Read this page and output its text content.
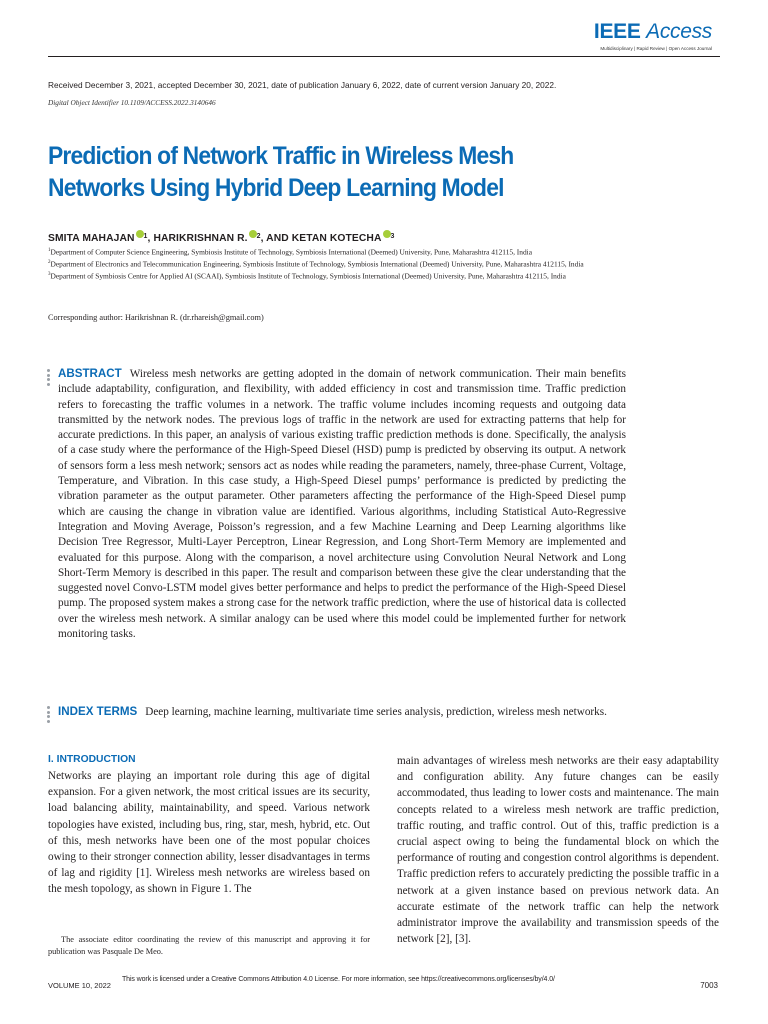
IEEE Access
Multidisciplinary | Rapid Review | Open Access Journal
Received December 3, 2021, accepted December 30, 2021, date of publication January 6, 2022, date of current version January 20, 2022.
Digital Object Identifier 10.1109/ACCESS.2022.3140646
Prediction of Network Traffic in Wireless Mesh
Networks Using Hybrid Deep Learning Model
SMITA MAHAJAN $^1$, HARIKRISHNAN R. $^2$, AND KETAN KOTECHA $^3$
$^1$Department of Computer Science Engineering, Symbiosis Institute of Technology, Symbiosis International (Deemed) University, Pune, Maharashtra 412115, India
$^2$Department of Electronics and Telecommunication Engineering, Symbiosis Institute of Technology, Symbiosis International (Deemed) University, Pune, Maharashtra 412115, India
$^3$Department of Symbiosis Centre for Applied AI (SCAAI), Symbiosis Institute of Technology, Symbiosis International (Deemed) University, Pune, Maharashtra 412115, India
Corresponding author: Harikrishnan R. (dr.rhareish@gmail.com)
ABSTRACT Wireless mesh networks are getting adopted in the domain of network communication. Their main benefits include adaptability, configuration, and flexibility, with added efficiency in cost and transmission time. Traffic prediction refers to forecasting the traffic volumes in a network. The traffic volume includes incoming requests and outgoing data transmitted by the network nodes. The previous logs of traffic in the network are used for extracting patterns that help for accurate predictions. In this paper, an analysis of various existing traffic prediction methods is done. Specifically, the analysis of a case study where the performance of the High-Speed Diesel (HSD) pump is predicted by observing its output. A network of sensors form a less mesh network; sensors act as nodes while reading the parameters, namely, three-phase Current, Voltage, Temperature, and Vibration. In this case study, a High-Speed Diesel pumps’ performance is predicted by predicting the vibration parameter as the output parameter. Other parameters affecting the performance of the High-Speed Diesel pump which are causing the change in vibration value are identified. Various algorithms, including Statistical Auto-Regressive Integration and Moving Average, Poisson’s regression, and a few Machine Learning and Deep Learning algorithms like Decision Tree Regressor, Multi-Layer Perceptron, Linear Regression, and Long Short-Term Memory are implemented and evaluated for this purpose. Along with the comparison, a novel architecture using Convolution Neural Network and Long Short-Term Memory is described in this paper. The result and comparison between these give the clear understanding that the suggested novel Convo-LSTM model gives better performance and helps to predict the performance of the High-Speed Diesel pump. The proposed system makes a strong case for the network traffic prediction, where the use of historical data is collected over the wireless mesh network. A similar analogy can be used where this model could be implemented further for network monitoring tasks.
INDEX TERMS Deep learning, machine learning, multivariate time series analysis, prediction, wireless mesh networks.
I. INTRODUCTION
Networks are playing an important role during this age of digital expansion. For a given network, the most critical issues are its security, load balancing ability, maintainability, and speed. Various network topologies have existed, including bus, ring, star, mesh, hybrid, etc. Out of this, mesh networks have been one of the most popular choices owing to their stronger connection ability, lesser disadvantages in terms of lag and rigidity [1]. Wireless mesh networks are wireless based on the mesh topology, as shown in Figure 1. The
main advantages of wireless mesh networks are their easy adaptability and configuration ability. Any future changes can be easily accommodated, thus leading to lower costs and maintenance. The main concepts related to a wireless mesh network are traffic prediction, traffic routing, and traffic control. Out of this, traffic prediction is a crucial aspect owing to being the fundamental block on which the performance of routing and congestion control algorithms is dependent. Traffic prediction refers to accurately predicting the possible traffic in a network at a given instance based on previous network data. An accurate estimate of the network traffic can help the network administrator improve the availability and transmission speeds of the network [2], [3].
The associate editor coordinating the review of this manuscript and approving it for publication was Pasquale De Meo.
VOLUME 10, 2022
This work is licensed under a Creative Commons Attribution 4.0 License. For more information, see https://creativecommons.org/licenses/by/4.0/
7003
